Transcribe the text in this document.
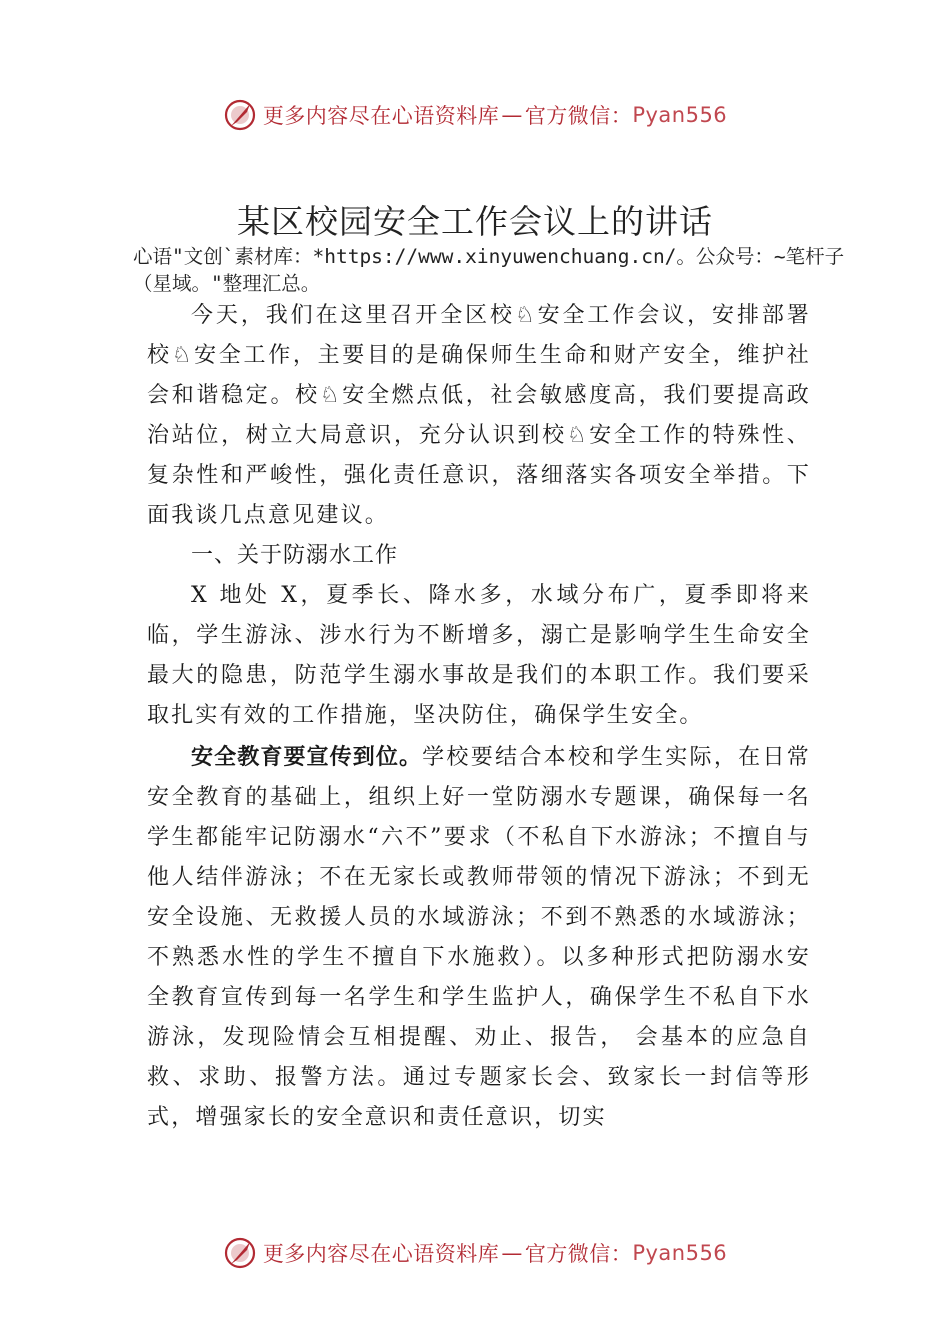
更多内容尽在心语资料库 — 官方微信： Pyan556
某区校园安全工作会议上的讲话
心语"文创`素材库：*https://www.xinyuwenchuang.cn/。公众号：~笔杆子（星域。"整理汇总。

今天，我们在这里召开全区校♘安全工作会议，安排部署校♘安全工作，主要目的是确保师生生命和财产安全，维护社会和谐稳定。校♘安全燃点低，社会敏感度高，我们要提高政治站位，树立大局意识，充分认识到校♘安全工作的特殊性、复杂性和严峻性，强化责任意识，落细落实各项安全举措。下面我谈几点意见建议。

一、关于防溺水工作

X 地处 X，夏季长、降水多，水域分布广，夏季即将来临，学生游泳、涉水行为不断增多，溺亡是影响学生生命安全最大的隐患，防范学生溺水事故是我们的本职工作。我们要采取扎实有效的工作措施，坚决防住，确保学生安全。

安全教育要宣传到位。学校要结合本校和学生实际，在日常安全教育的基础上，组织上好一堂防溺水专题课，确保每一名学生都能牢记防溺水“六不”要求（不私自下水游泳；不擅自与他人结伴游泳；不在无家长或教师带领的情况下游泳；不到无安全设施、无救援人员的水域游泳；不到不熟悉的水域游泳；不熟悉水性的学生不擅自下水施救）。以多种形式把防溺水安全教育宣传到每一名学生和学生监护人，确保学生不私自下水游泳，发现险情会互相提醒、劝止、报告， 会基本的应急自救、求助、报警方法。通过专题家长会、致家长一封信等形式，增强家长的安全意识和责任意识，切实

更多内容尽在心语资料库 — 官方微信： Pyan556
